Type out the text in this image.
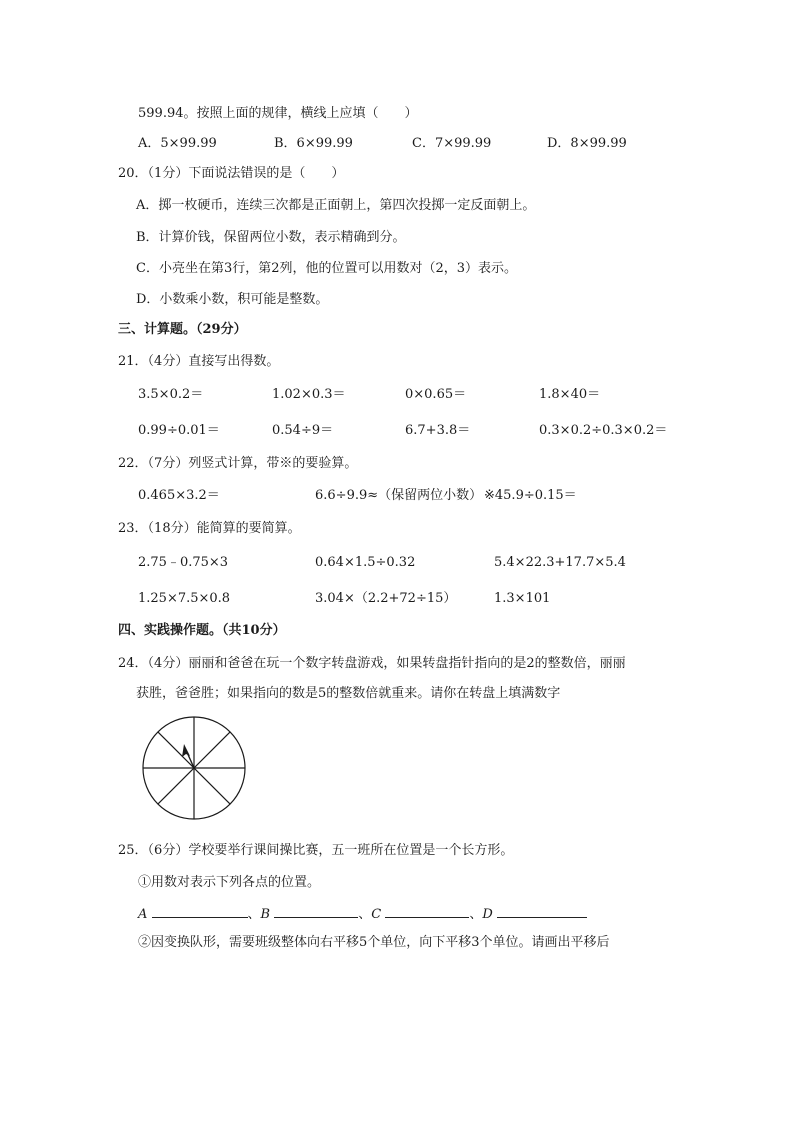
599.94。按照上面的规律，横线上应填（　　）
A．5×99.99	B．6×99.99	C．7×99.99	D．8×99.99
20．（1分）下面说法错误的是（　　）
A．掷一枚硬币，连续三次都是正面朝上，第四次投掷一定反面朝上。
B．计算价钱，保留两位小数，表示精确到分。
C．小亮坐在第3行，第2列，他的位置可以用数对（2，3）表示。
D．小数乘小数，积可能是整数。
三、计算题。（29分）
21．（4分）直接写出得数。
3.5×0.2＝	1.02×0.3＝	0×0.65＝	1.8×40＝
0.99÷0.01＝	0.54÷9＝	6.7+3.8＝	0.3×0.2÷0.3×0.2＝
22．（7分）列竖式计算，带※的要验算。
0.465×3.2＝	6.6÷9.9≈（保留两位小数） ※45.9÷0.15＝
23．（18分）能简算的要简算。
2.75﹣0.75×3	0.64×1.5÷0.32	5.4×22.3+17.7×5.4
1.25×7.5×0.8	3.04×（2.2+72÷15）	1.3×101
四、实践操作题。（共10分）
24．（4分）丽丽和爸爸在玩一个数字转盘游戏，如果转盘指针指向的是2的整数倍，丽丽
获胜，爸爸胜；如果指向的数是5的整数倍就重来。请你在转盘上填满数字
25．（6分）学校要举行课间操比赛，五一班所在位置是一个长方形。
①用数对表示下列各点的位置。
A	、B	、C	、D
②因变换队形，需要班级整体向右平移5个单位，向下平移3个单位。请画出平移后
